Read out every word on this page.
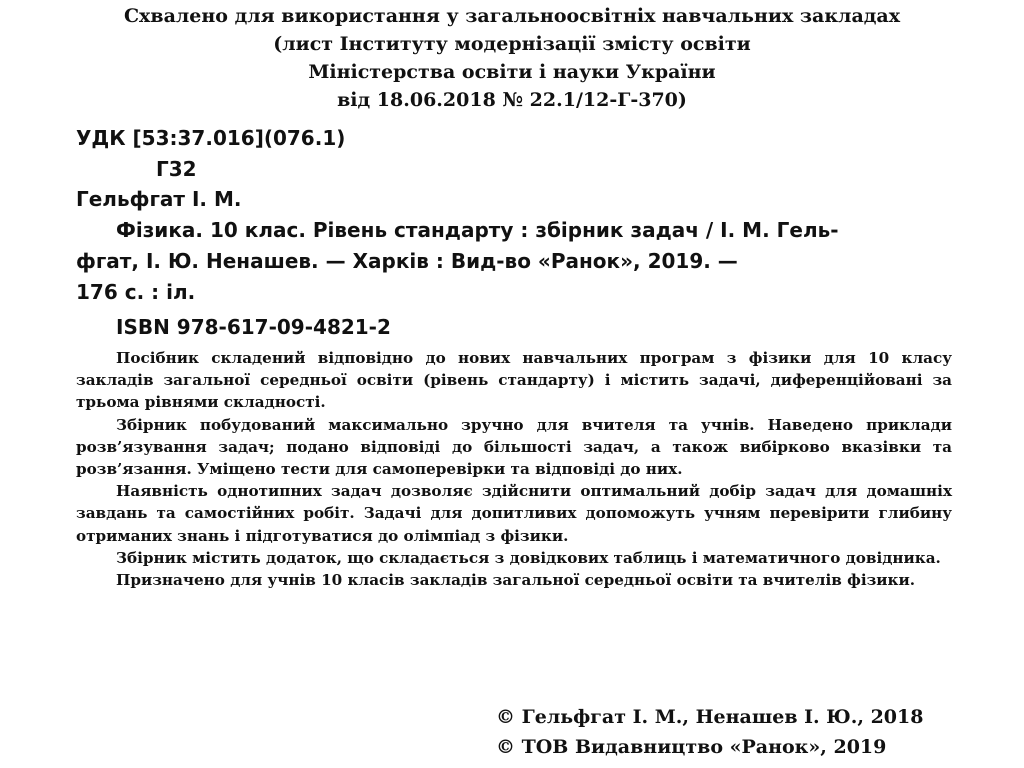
Схвалено для використання у загальноосвітніх навчальних закладах
(лист Інституту модернізації змісту освіти
Міністерства освіти і науки України
від 18.06.2018 № 22.1/12-Г-370)
УДК [53:37.016](076.1)
Г32
Гельфгат І. М.
Фізика. 10 клас. Рівень стандарту : збірник задач / І. М. Гель-
фгат, І. Ю. Ненашев. — Харків : Вид-во «Ранок», 2019. —
176 с. : іл.
ISBN 978-617-09-4821-2

Посібник складений відповідно до нових навчальних програм з фізики для 10 класу закладів загальної середньої освіти (рівень стандарту) і містить задачі, диференційовані за трьома рівнями складності.

Збірник побудований максимально зручно для вчителя та учнів. Наведено приклади розв’язування задач; подано відповіді до більшості задач, а також вибірково вказівки та розв’язання. Уміщено тести для самоперевірки та відповіді до них.

Наявність однотипних задач дозволяє здійснити оптимальний добір задач для домашніх завдань та самостійних робіт. Задачі для допитливих допоможуть учням перевірити глибину отриманих знань і підготуватися до олімпіад з фізики.

Збірник містить додаток, що складається з довідкових таблиць і математичного довідника.

Призначено для учнів 10 класів закладів загальної середньої освіти та вчителів фізики.

© Гельфгат І. М., Ненашев І. Ю., 2018
© ТОВ Видавництво «Ранок», 2019
